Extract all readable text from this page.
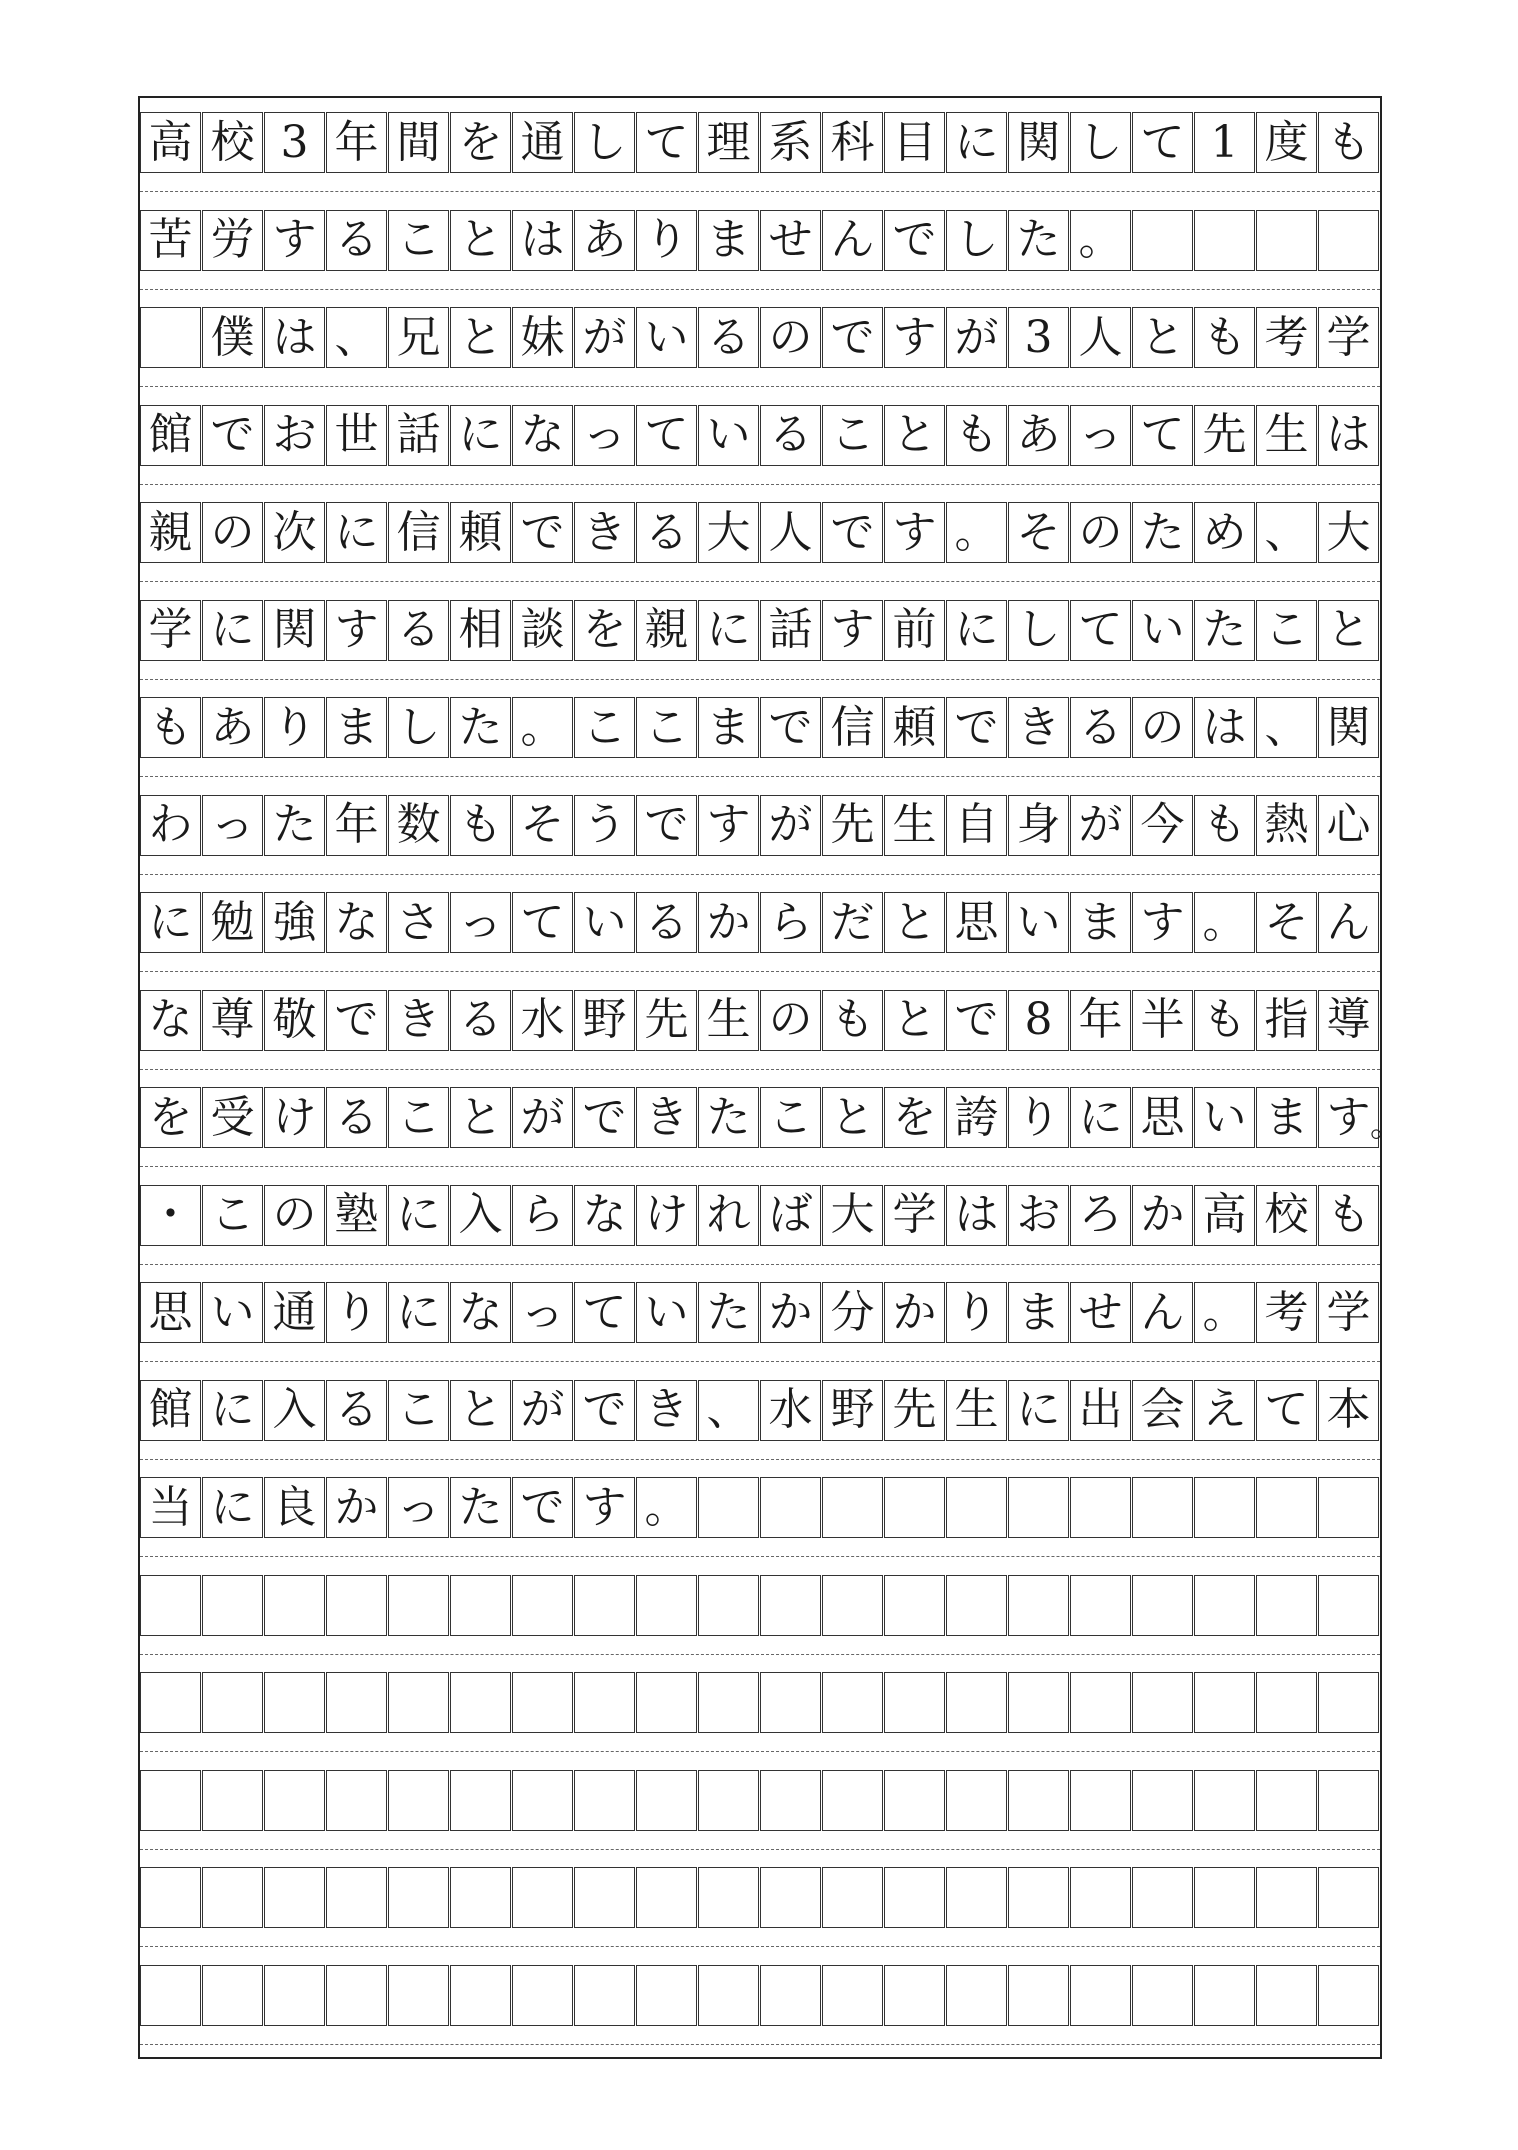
高 校 3 年 間 を 通 し て 理 系 科 目 に 関 し て 1 度 も
苦 労 す る こ と は あ り ま せ ん で し た 。

僕 は 、 兄 と 妹 が い る の で す が 3 人 と も 考 学
館 で お 世 話 に な っ て い る こ と も あ っ て 先 生 は
親 の 次 に 信 頼 で き る 大 人 で す 。 そ の た め 、 大
学 に 関 す る 相 談 を 親 に 話 す 前 に し て い た こ と
も あ り ま し た 。 こ こ ま で 信 頼 で き る の は 、 関
わ っ た 年 数 も そ う で す が 先 生 自 身 が 今 も 熱 心
に 勉 強 な さ っ て い る か ら だ と 思 い ま す 。 そ ん
な 尊 敬 で き る 水 野 先 生 の も と で 8 年 半 も 指 導
を 受 け る こ と が で き た こ と を 誇 り に 思 い ま す 。
・ こ の 塾 に 入 ら な け れ ば 大 学 は お ろ か 高 校 も
思 い 通 り に な っ て い た か 分 か り ま せ ん 。 考 学
館 に 入 る こ と が で き 、 水 野 先 生 に 出 会 え て 本
当 に 良 か っ た で す 。
